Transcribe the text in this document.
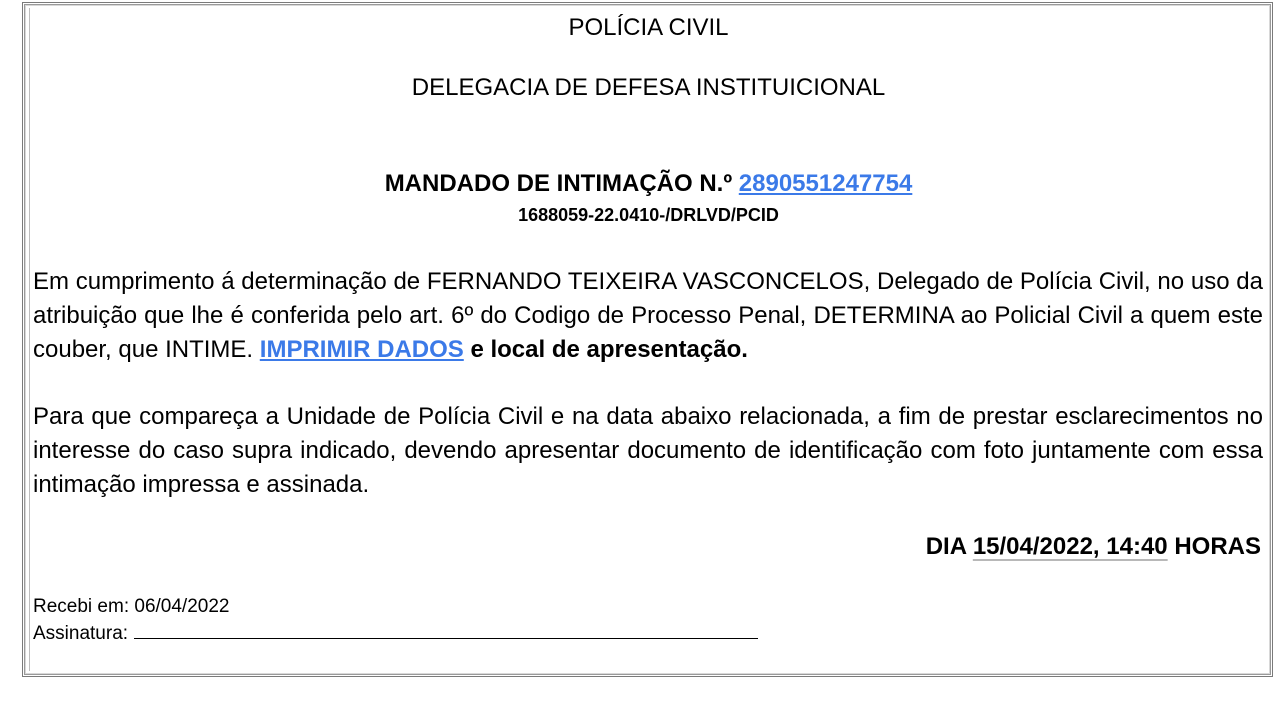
POLÍCIA CIVIL
DELEGACIA DE DEFESA INSTITUICIONAL
MANDADO DE INTIMAÇÃO N.º 2890551247754
1688059-22.0410-/DRLVD/PCID
Em cumprimento á determinação de FERNANDO TEIXEIRA VASCONCELOS, Delegado de Polícia Civil, no uso da atribuição que lhe é conferida pelo art. 6º do Codigo de Processo Penal, DETERMINA ao Policial Civil a quem este couber, que INTIME. IMPRIMIR DADOS e local de apresentação.
Para que compareça a Unidade de Polícia Civil e na data abaixo relacionada, a fim de prestar esclarecimentos no interesse do caso supra indicado, devendo apresentar documento de identificação com foto juntamente com essa intimação impressa e assinada.
DIA 15/04/2022, 14:40 HORAS
Recebi em: 06/04/2022
Assinatura:
